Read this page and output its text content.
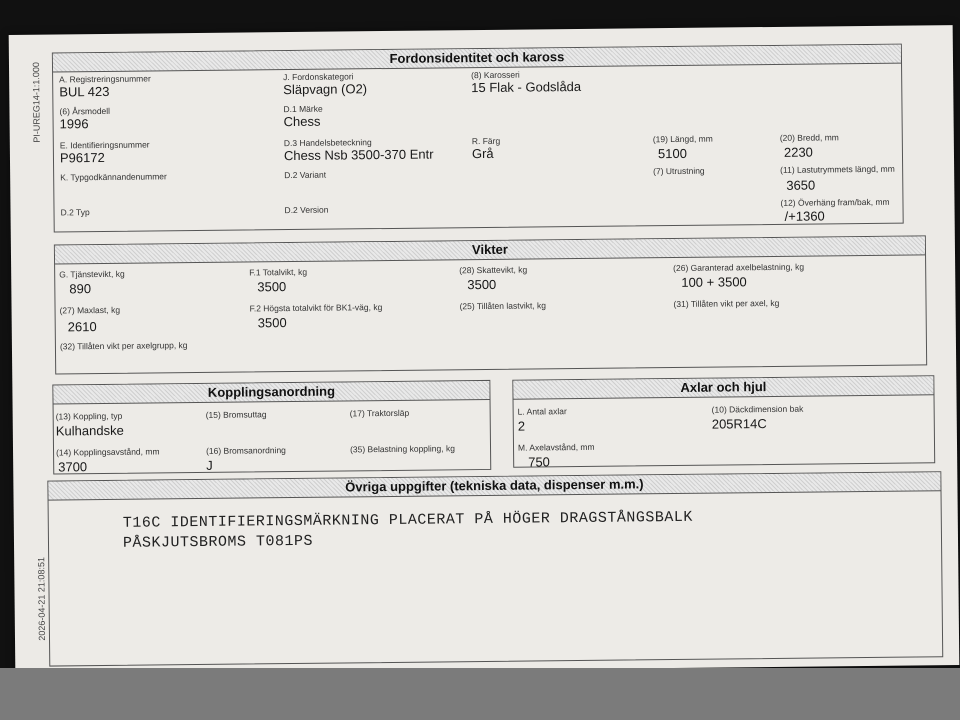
PI-UREG14-1:1.000
2026-04-21 21:08:51
Fordonsidentitet och kaross
A. Registreringsnummer
BUL 423
J. Fordonskategori
Släpvagn (O2)
(8) Karosseri
15 Flak - Godslåda
(6) Årsmodell
1996
D.1 Märke
Chess
E. Identifieringsnummer
P96172
D.3 Handelsbeteckning
Chess Nsb 3500-370 Entr
R. Färg
Grå
(19) Längd, mm
5100
(20) Bredd, mm
2230
K. Typgodkännandenummer	D.2 Variant	(7) Utrustning	(11) Lastutrymmets längd, mm
3650
D.2 Typ	D.2 Version
(12) Överhäng fram/bak, mm
/+1360
Vikter
G. Tjänstevikt, kg
890
F.1 Totalvikt, kg
3500
(28) Skattevikt, kg
3500
(26) Garanterad axelbelastning, kg
100 + 3500
(27) Maxlast, kg
2610
F.2 Högsta totalvikt för BK1-väg, kg
3500
(25) Tillåten lastvikt, kg	(31) Tillåten vikt per axel, kg
(32) Tillåten vikt per axelgrupp, kg
Kopplingsanordning
(13) Koppling, typ
Kulhandske
(15) Bromsuttag	(17) Traktorsläp
(14) Kopplingsavstånd, mm
3700
(16) Bromsanordning
J
(35) Belastning koppling, kg
Axlar och hjul
L. Antal axlar
2
(10) Däckdimension bak
205R14C
M. Axelavstånd, mm
750
Övriga uppgifter (tekniska data, dispenser m.m.)
T16C IDENTIFIERINGSMÄRKNING PLACERAT PÅ HÖGER DRAGSTÅNGSBALK
PÅSKJUTSBROMS T081PS
